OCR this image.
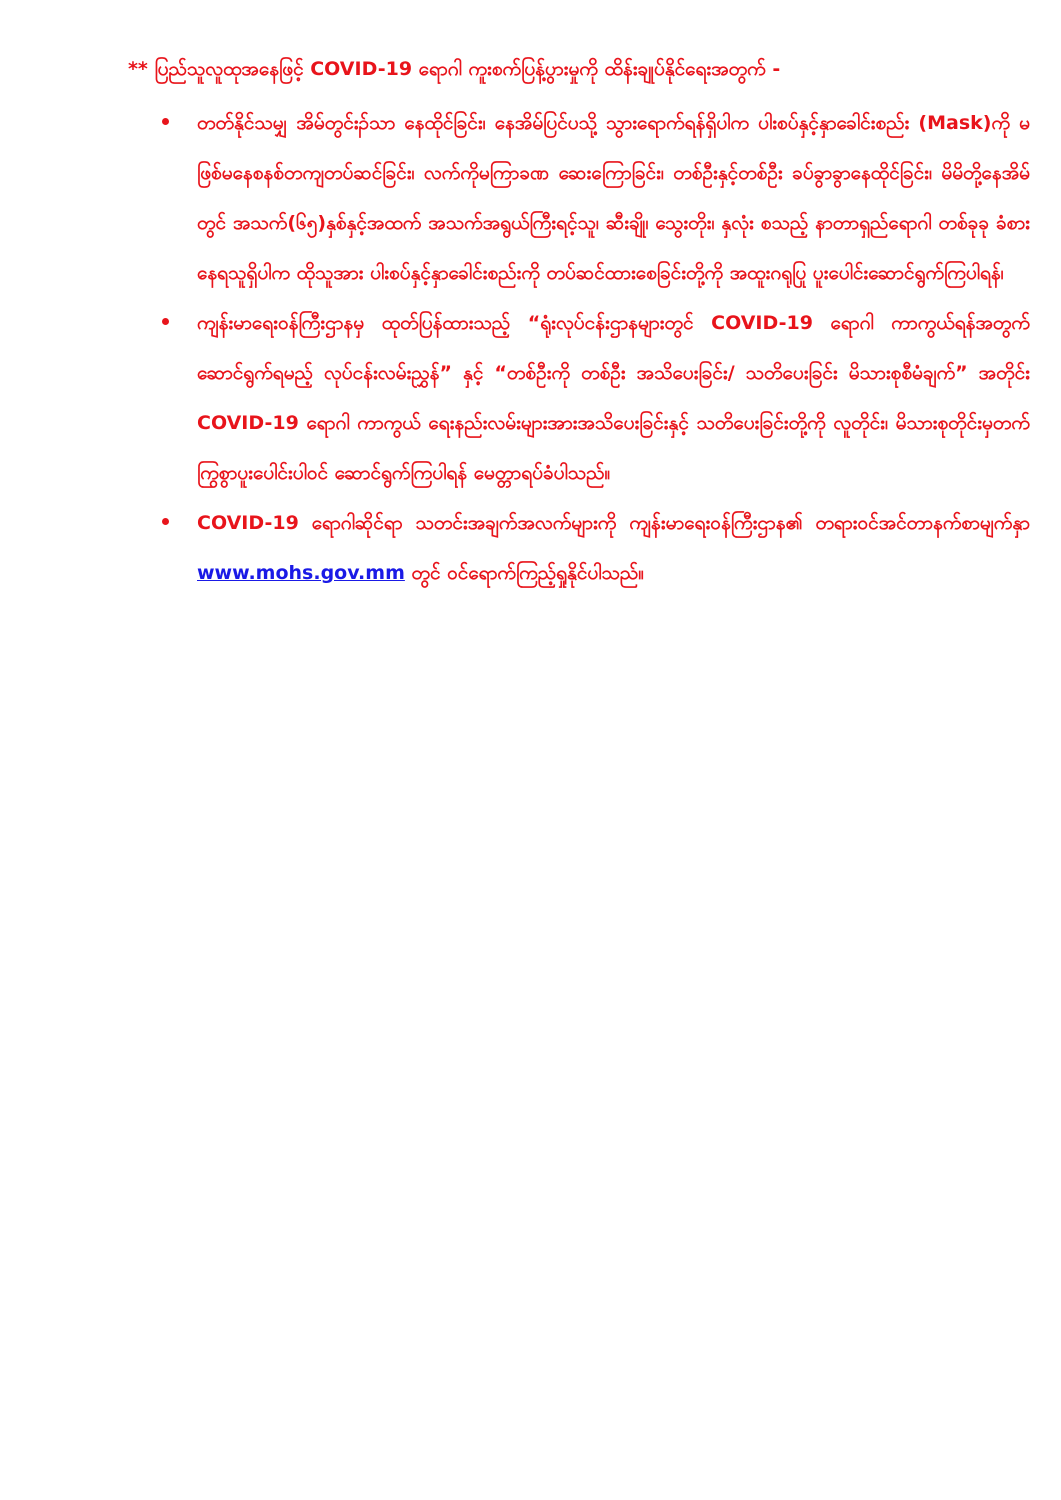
** ပြည်သူလူထုအနေဖြင့် COVID-19 ရောဂါ ကူးစက်ပြန့်ပွားမှုကို ထိန်းချုပ်နိုင်ရေးအတွက် -

တတ်နိုင်သမျှ အိမ်တွင်းၣ်သာ နေထိုင်ခြင်း၊ နေအိမ်ပြင်ပသို့ သွားရောက်ရန်ရှိပါက ပါးစပ်နှင့်နှာခေါင်းစည်း (Mask)ကို မဖြစ်မနေစနစ်တကျတပ်ဆင်ခြင်း၊ လက်ကိုမကြာခဏ ဆေးကြောခြင်း၊ တစ်ဦးနှင့်တစ်ဦး ခပ်ခွာခွာနေထိုင်ခြင်း၊ မိမိတို့နေအိမ်တွင် အသက်(၆၅)နှစ်နှင့်အထက် အသက်အရွယ်ကြီးရင့်သူ၊ ဆီးချို၊ သွေးတိုး၊ နှလုံး စသည့် နာတာရှည်ရောဂါ တစ်ခုခု ခံစားနေရသူရှိပါက ထိုသူအား ပါးစပ်နှင့်နှာခေါင်းစည်းကို တပ်ဆင်ထားစေခြင်းတို့ကို အထူးဂရုပြု ပူးပေါင်းဆောင်ရွက်ကြပါရန်၊

ကျန်းမာရေးဝန်ကြီးဌာနမှ ထုတ်ပြန်ထားသည့် “ရုံးလုပ်ငန်းဌာနများတွင် COVID-19 ရောဂါ ကာကွယ်ရန်အတွက် ဆောင်ရွက်ရမည့် လုပ်ငန်းလမ်းညွှန်” နှင့် “တစ်ဦးကို တစ်ဦး အသိပေးခြင်း/ သတိပေးခြင်း မိသားစုစီမံချက်” အတိုင်း COVID-19 ရောဂါ ကာကွယ် ရေးနည်းလမ်းများအားအသိပေးခြင်းနှင့် သတိပေးခြင်းတို့ကို လူတိုင်း၊ မိသားစုတိုင်းမှတက်ကြွစွာပူးပေါင်းပါဝင် ဆောင်ရွက်ကြပါရန် မေတ္တာရပ်ခံပါသည်။

COVID-19 ရောဂါဆိုင်ရာ သတင်းအချက်အလက်များကို ကျန်းမာရေးဝန်ကြီးဌာန၏ တရားဝင်အင်တာနက်စာမျက်နှာ www.mohs.gov.mm တွင် ဝင်ရောက်ကြည့်ရှုနိုင်ပါသည်။
